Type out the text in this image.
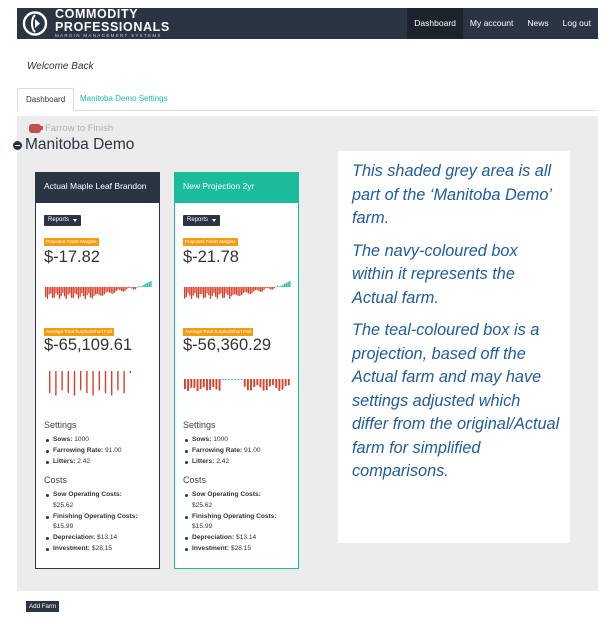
COMMODITY
PROFESSIONALS
MARGIN MANAGEMENT SYSTEMS
Dashboard	My account	News	Log out
Welcome Back
Dashboard	Manitoba Demo Settings
Farrow to Finish
Manitoba Demo
Actual Maple Leaf Brandon
Reports
Projected Finish Margins
$-17.82
Average Total Surplus/Short Fall
$-65,109.61
Settings
Sows: 1000
Farrowing Rate: 91.00
Litters: 2.42
Costs
Sow Operating Costs:
$25.62
Finishing Operating Costs:
$15.99
Depreciation: $13.14
Investment: $28.15
New Projection 2yr
Reports
Projected Finish Margins
$-21.78
Average Total Surplus/Short Fall
$-56,360.29
Settings
Sows: 1000
Farrowing Rate: 91.00
Litters: 2.42
Costs
Sow Operating Costs:
$25.62
Finishing Operating Costs:
$15.99
Depreciation: $13.14
Investment: $28.15

This shaded grey area is all part of the ‘Manitoba Demo’ farm.

The navy-coloured box within it represents the Actual farm.

The teal-coloured box is a projection, based off the Actual farm and may have settings adjusted which differ from the original/Actual farm for simplified comparisons.

Add Farm
